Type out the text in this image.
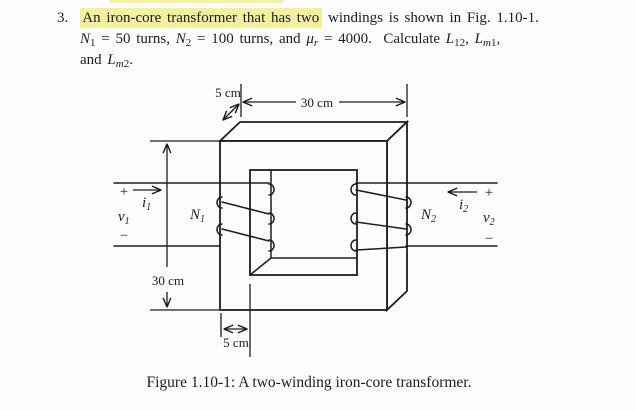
3. An iron-core transformer that has two windings is shown in Fig. 1.10-1.
$N_1 = 50$ turns, $N_2 = 100$ turns, and $\mu_r = 4000$.  Calculate $L_{12}$, $L_{m1}$,
and $L_{m2}$.
5 cm
30 cm
30 cm
5 cm
+
$i_1$
$v_1$
−
$N_1$
+
$i_2$
$N_2$	$v_2$
−
Figure 1.10-1: A two-winding iron-core transformer.
